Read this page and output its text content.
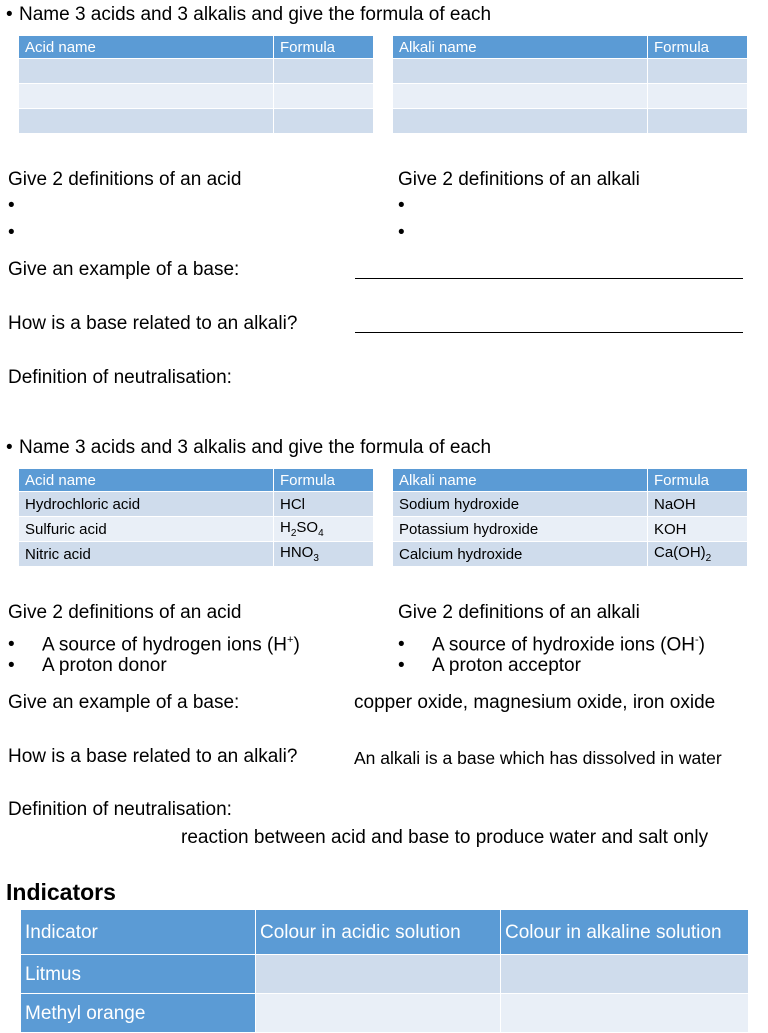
• Name 3 acids and 3 alkalis and give the formula of each
Acid name	Formula

		Alkali name	Formula

Give 2 definitions of an acid	Give 2 definitions of an alkali
•
•
•
•
Give an example of a base:
How is a base related to an alkali?
Definition of neutralisation:
• Name 3 acids and 3 alkalis and give the formula of each
Acid name	Formula
Hydrochloric acid	HCl
Sulfuric acid	$H_2SO_4$
Nitric acid	$HNO_3$
Alkali name	Formula
Sodium hydroxide	NaOH
Potassium hydroxide	KOH
Calcium hydroxide	$Ca(OH)_2$
Give 2 definitions of an acid	Give 2 definitions of an alkali
• A source of hydrogen ions (H+)
• A proton donor
• A source of hydroxide ions (OH-)
• A proton acceptor
Give an example of a base:	copper oxide, magnesium oxide, iron oxide
How is a base related to an alkali?	An alkali is a base which has dissolved in water
Definition of neutralisation:
reaction between acid and base to produce water and salt only
Indicators
Indicator	Colour in acidic solution	Colour in alkaline solution
Litmus		
Methyl orange		
